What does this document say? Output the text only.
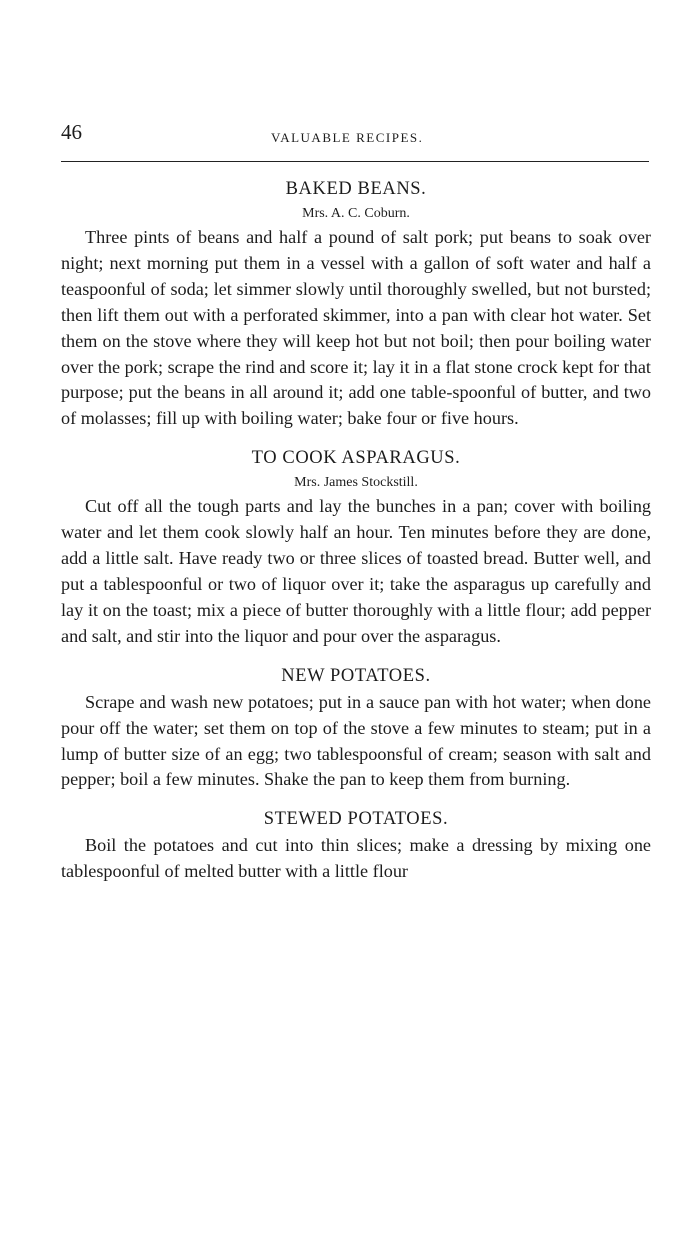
46	VALUABLE RECIPES.
BAKED BEANS.

Mrs. A. C. Coburn.

Three pints of beans and half a pound of salt pork; put beans to soak over night; next morning put them in a vessel with a gallon of soft water and half a teaspoonful of soda; let simmer slowly until thoroughly swelled, but not bursted; then lift them out with a perforated skimmer, into a pan with clear hot water. Set them on the stove where they will keep hot but not boil; then pour boiling water over the pork; scrape the rind and score it; lay it in a flat stone crock kept for that purpose; put the beans in all around it; add one table-spoonful of butter, and two of molasses; fill up with boiling water; bake four or five hours.

TO COOK ASPARAGUS.

Mrs. James Stockstill.

Cut off all the tough parts and lay the bunches in a pan; cover with boiling water and let them cook slowly half an hour. Ten minutes before they are done, add a little salt. Have ready two or three slices of toasted bread. Butter well, and put a tablespoonful or two of liquor over it; take the asparagus up carefully and lay it on the toast; mix a piece of butter thoroughly with a little flour; add pepper and salt, and stir into the liquor and pour over the asparagus.

NEW POTATOES.

Scrape and wash new potatoes; put in a sauce pan with hot water; when done pour off the water; set them on top of the stove a few minutes to steam; put in a lump of butter size of an egg; two tablespoonsful of cream; season with salt and pepper; boil a few minutes. Shake the pan to keep them from burning.

STEWED POTATOES.

Boil the potatoes and cut into thin slices; make a dressing by mixing one tablespoonful of melted butter with a little flour
